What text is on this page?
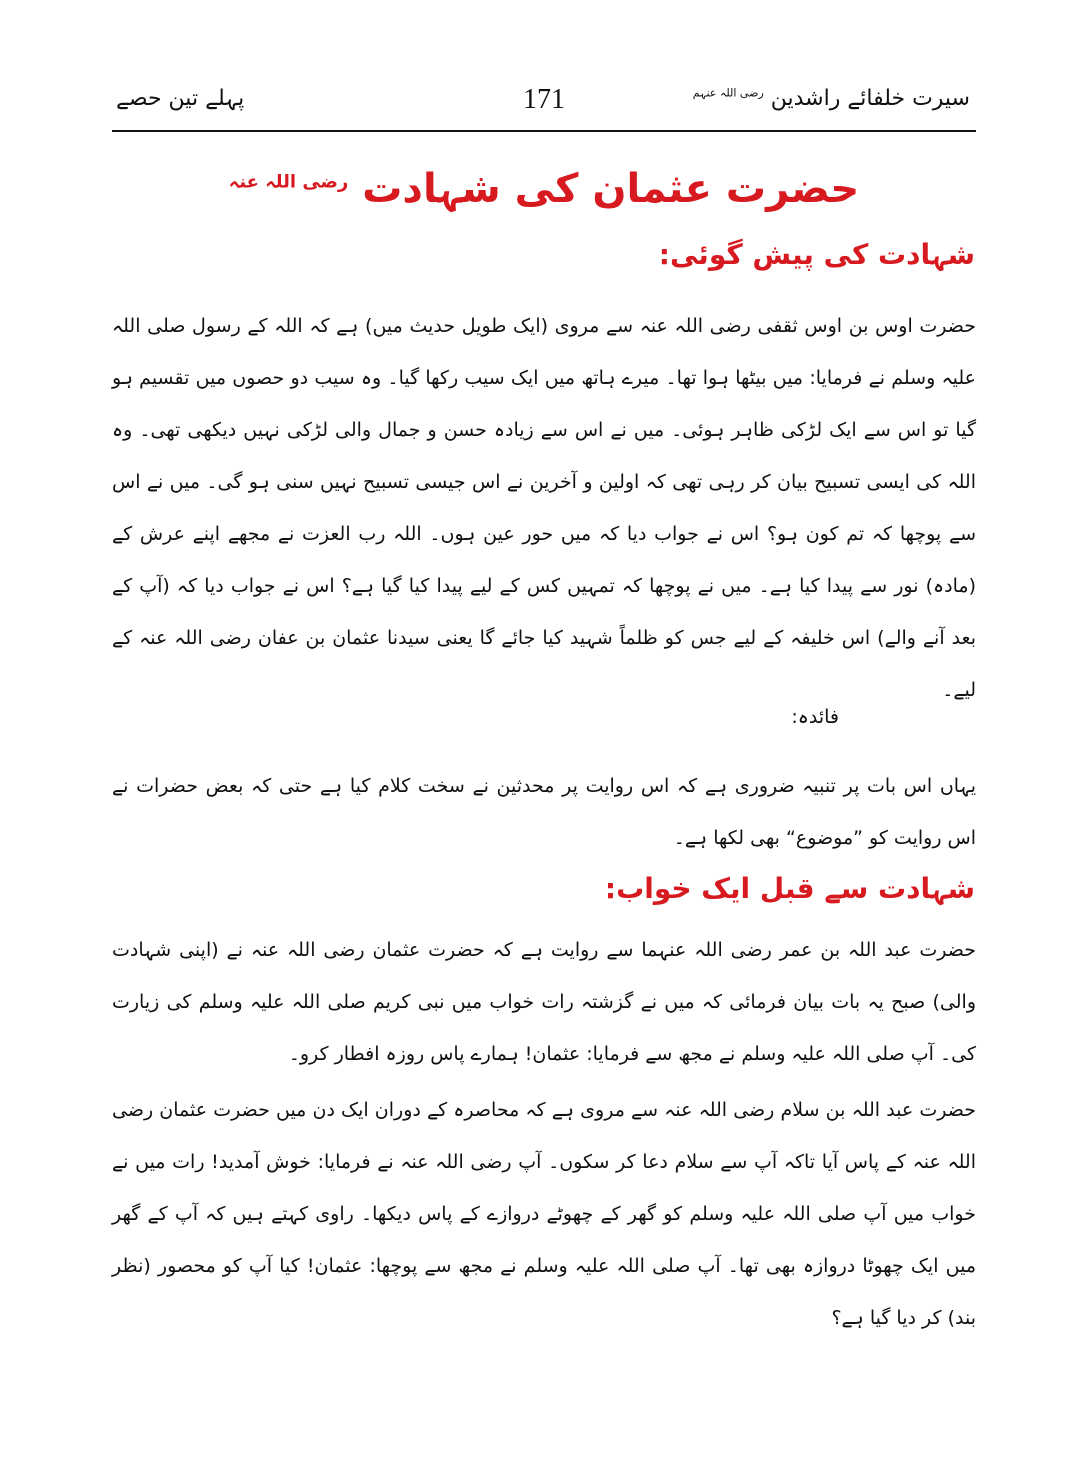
سیرت خلفائے راشدین $^{رضی اللہ عنہم}$
171
پہلے تین حصے
حضرت عثمان کی شہادت $^{رضی اللہ عنہ}$
شہادت کی پیش گوئی:

حضرت اوس بن اوس ثقفی رضی اللہ عنہ سے مروی (ایک طویل حدیث میں) ہے کہ اللہ کے رسول صلی اللہ علیہ وسلم نے فرمایا: میں بیٹھا ہوا تھا۔ میرے ہاتھ میں ایک سیب رکھا گیا۔ وہ سیب دو حصوں میں تقسیم ہو گیا تو اس سے ایک لڑکی ظاہر ہوئی۔ میں نے اس سے زیادہ حسن و جمال والی لڑکی نہیں دیکھی تھی۔ وہ اللہ کی ایسی تسبیح بیان کر رہی تھی کہ اولین و آخرین نے اس جیسی تسبیح نہیں سنی ہو گی۔ میں نے اس سے پوچھا کہ تم کون ہو؟ اس نے جواب دیا کہ میں حور عین ہوں۔ اللہ رب العزت نے مجھے اپنے عرش کے (مادہ) نور سے پیدا کیا ہے۔ میں نے پوچھا کہ تمہیں کس کے لیے پیدا کیا گیا ہے؟ اس نے جواب دیا کہ (آپ کے بعد آنے والے) اس خلیفہ کے لیے جس کو ظلماً شہید کیا جائے گا یعنی سیدنا عثمان بن عفان رضی اللہ عنہ کے لیے۔

فائدہ:

یہاں اس بات پر تنبیہ ضروری ہے کہ اس روایت پر محدثین نے سخت کلام کیا ہے حتی کہ بعض حضرات نے اس روایت کو ”موضوع“ بھی لکھا ہے۔

شہادت سے قبل ایک خواب:

حضرت عبد اللہ بن عمر رضی اللہ عنہما سے روایت ہے کہ حضرت عثمان رضی اللہ عنہ نے (اپنی شہادت والی) صبح یہ بات بیان فرمائی کہ میں نے گزشتہ رات خواب میں نبی کریم صلی اللہ علیہ وسلم کی زیارت کی۔ آپ صلی اللہ علیہ وسلم نے مجھ سے فرمایا: عثمان! ہمارے پاس روزہ افطار کرو۔

حضرت عبد اللہ بن سلام رضی اللہ عنہ سے مروی ہے کہ محاصرہ کے دوران ایک دن میں حضرت عثمان رضی اللہ عنہ کے پاس آیا تاکہ آپ سے سلام دعا کر سکوں۔ آپ رضی اللہ عنہ نے فرمایا: خوش آمدید! رات میں نے خواب میں آپ صلی اللہ علیہ وسلم کو گھر کے چھوٹے دروازے کے پاس دیکھا۔ راوی کہتے ہیں کہ آپ کے گھر میں ایک چھوٹا دروازہ بھی تھا۔ آپ صلی اللہ علیہ وسلم نے مجھ سے پوچھا: عثمان! کیا آپ کو محصور (نظر بند) کر دیا گیا ہے؟
